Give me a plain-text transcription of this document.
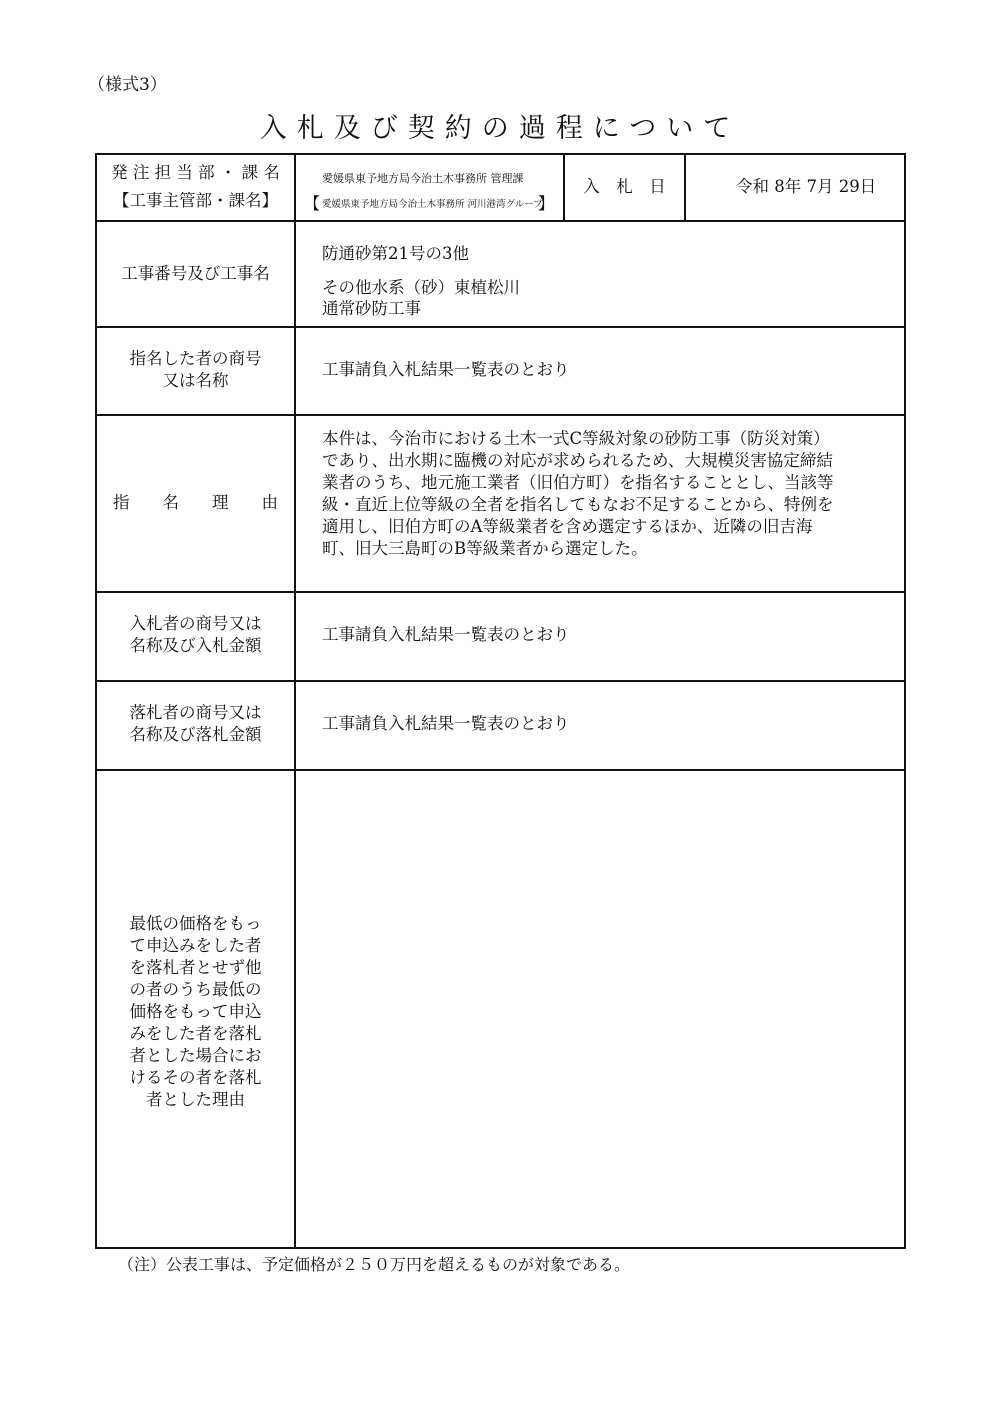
（様式3）
入札及び契約の過程について
発 注 担 当 部 ・ 課 名
【工事主管部・課名】
愛媛県東予地方局今治土木事務所 管理課
【 愛媛県東予地方局今治土木事務所 河川港湾グループ
】
入　札　日	令和 8年 7月 29日
工事番号及び工事名
防通砂第21号の3他
その他水系（砂）東植松川
通常砂防工事
指名した者の商号
又は名称
工事請負入札結果一覧表のとおり
指　　名　　理　　由
本件は、今治市における土木一式C等級対象の砂防工事（防災対策）
であり、出水期に臨機の対応が求められるため、大規模災害協定締結
業者のうち、地元施工業者（旧伯方町）を指名することとし、当該等
級・直近上位等級の全者を指名してもなお不足することから、特例を
適用し、旧伯方町のA等級業者を含め選定するほか、近隣の旧吉海
町、旧大三島町のB等級業者から選定した。
入札者の商号又は
名称及び入札金額
工事請負入札結果一覧表のとおり
落札者の商号又は
名称及び落札金額
工事請負入札結果一覧表のとおり
最低の価格をもっ
て申込みをした者
を落札者とせず他
の者のうち最低の
価格をもって申込
みをした者を落札
者とした場合にお
けるその者を落札
者とした理由
（注）公表工事は、予定価格が２５０万円を超えるものが対象である。
